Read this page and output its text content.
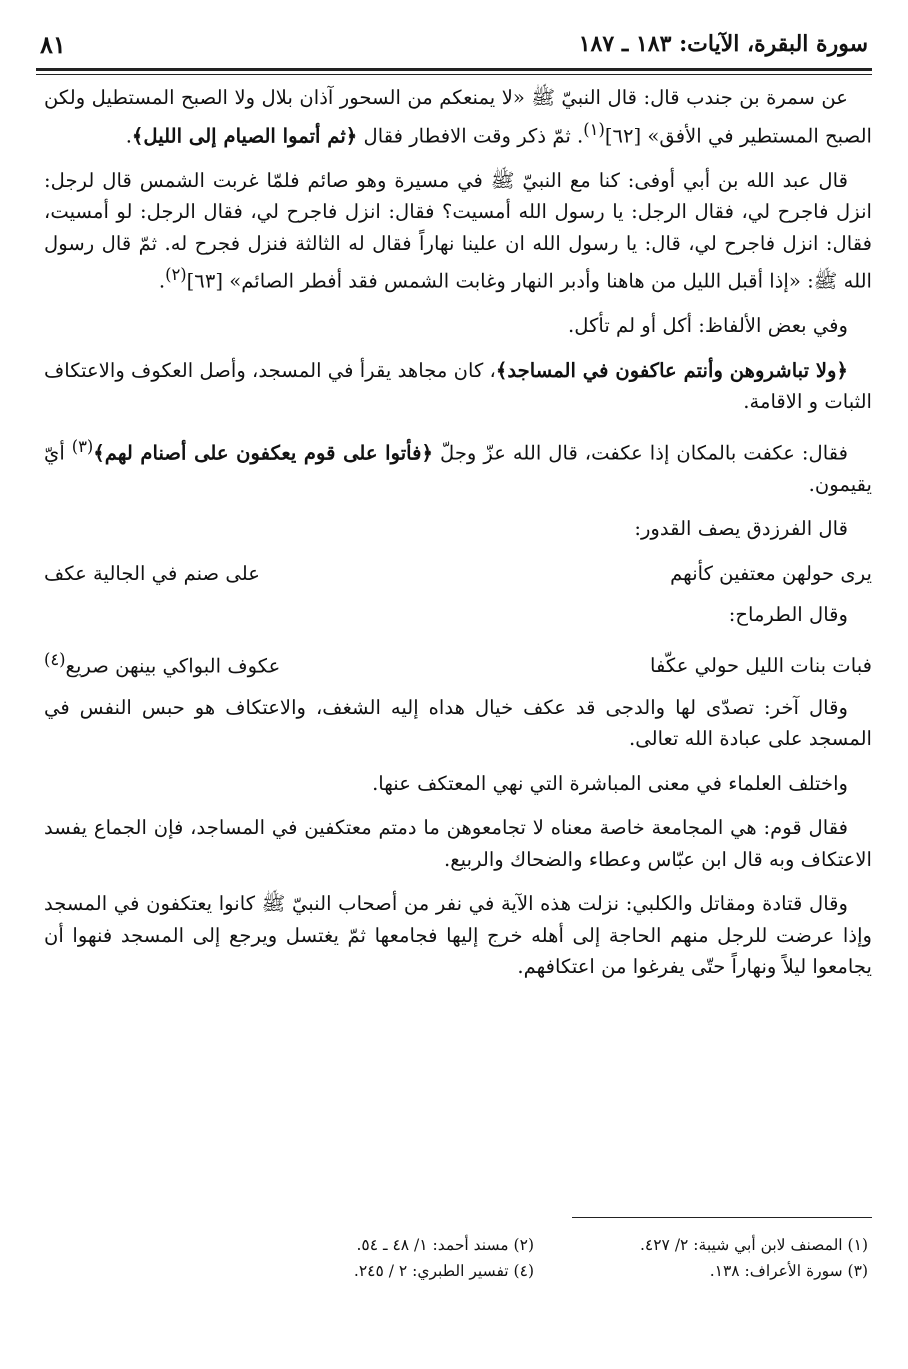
٨١	سورة البقرة، الآيات: ١٨٣ ـ ١٨٧

عن سمرة بن جندب قال: قال النبيّ ﷺ «لا يمنعكم من السحور آذان بلال ولا الصبح المستطيل ولكن الصبح المستطير في الأفق» [٦٢]$^{(١)}$. ثمّ ذكر وقت الافطار فقال ﴿ثم أتموا الصيام إلى الليل﴾.

قال عبد الله بن أبي أوفى: كنا مع النبيّ ﷺ في مسيرة وهو صائم فلمّا غربت الشمس قال لرجل: انزل فاجرح لي، فقال الرجل: يا رسول الله أمسيت؟ فقال: انزل فاجرح لي، فقال الرجل: لو أمسيت، فقال: انزل فاجرح لي، قال: يا رسول الله ان علينا نهاراً فقال له الثالثة فنزل فجرح له. ثمّ قال رسول الله ﷺ: «إذا أقبل الليل من هاهنا وأدبر النهار وغابت الشمس فقد أفطر الصائم» [٦٣]$^{(٢)}$.

وفي بعض الألفاظ: أكل أو لم تأكل.

﴿ولا تباشروهن وأنتم عاكفون في المساجد﴾، كان مجاهد يقرأ في المسجد، وأصل العكوف والاعتكاف الثبات و الاقامة.

فقال: عكفت بالمكان إذا عكفت، قال الله عزّ وجلّ ﴿فأتوا على قوم يعكفون على أصنام لهم﴾$^{(٣)}$ أيّ يقيمون.

قال الفرزدق يصف القدور:

يرى حولهن معتفين كأنهم
على صنم في الجالية عكف

وقال الطرماح:

فبات بنات الليل حولي عكّفا
عكوف البواكي بينهن صريع$^{(٤)}$

وقال آخر: تصدّى لها والدجى قد عكف خيال هداه إليه الشغف، والاعتكاف هو حبس النفس في المسجد على عبادة الله تعالى.

واختلف العلماء في معنى المباشرة التي نهي المعتكف عنها.

فقال قوم: هي المجامعة خاصة معناه لا تجامعوهن ما دمتم معتكفين في المساجد، فإن الجماع يفسد الاعتكاف وبه قال ابن عبّاس وعطاء والضحاك والربيع.

وقال قتادة ومقاتل والكلبي: نزلت هذه الآية في نفر من أصحاب النبيّ ﷺ كانوا يعتكفون في المسجد وإذا عرضت للرجل منهم الحاجة إلى أهله خرج إليها فجامعها ثمّ يغتسل ويرجع إلى المسجد فنهوا أن يجامعوا ليلاً ونهاراً حتّى يفرغوا من اعتكافهم.

(١) المصنف لابن أبي شيبة: ٢/ ٤٢٧.
(٢) مسند أحمد: ١/ ٤٨ ـ ٥٤.
(٣) سورة الأعراف: ١٣٨.
(٤) تفسير الطبري: ٢ / ٢٤٥.
